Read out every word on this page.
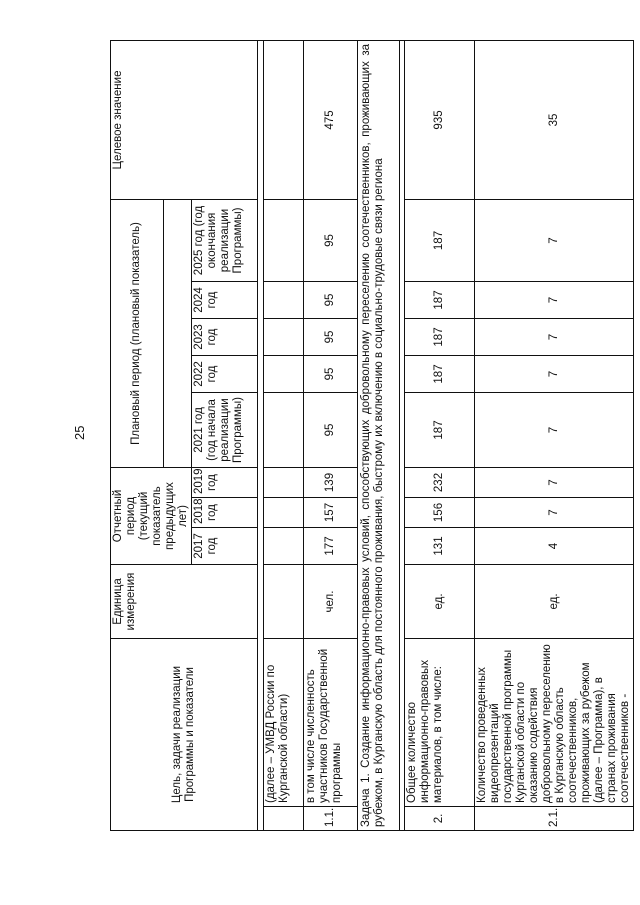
25
Цель, задачи реализации Программы и показатели		Единица измерения	Отчетный период (текущий показатель предыдущих лет)			Плановый период (плановый показатель)					Целевое значение

			2017 год	2018 год	2019 год	2021 год (год начала реализации Программы)	2022 год	2023 год	2024 год	2025 год (год окончания реализации Программы)	

	(далее – УМВД России по Курганской области)										
1.1.	в том числе численность участников Государственной программы	чел.	177	157	139	95	95	95	95	95	475
Задача 1. Создание информационно-правовых условий, способствующих добровольному переселению соотечественников, проживающих за рубежом, в Курганскую область для постоянного проживания, быстрому их включению в социально-трудовые связи региона											

2.	Общее количество информационно-правовых материалов, в том числе:	ед.	131	156	232	187	187	187	187	187	935
2.1.	Количество проведенных видеопрезентаций государственной программы Курганской области по оказанию содействия добровольному переселению в Курганскую область соотечественников, проживающих за рубежом (далее – Программа), в странах проживания соотечественников -	ед.	4	7	7	7	7	7	7	7	35
